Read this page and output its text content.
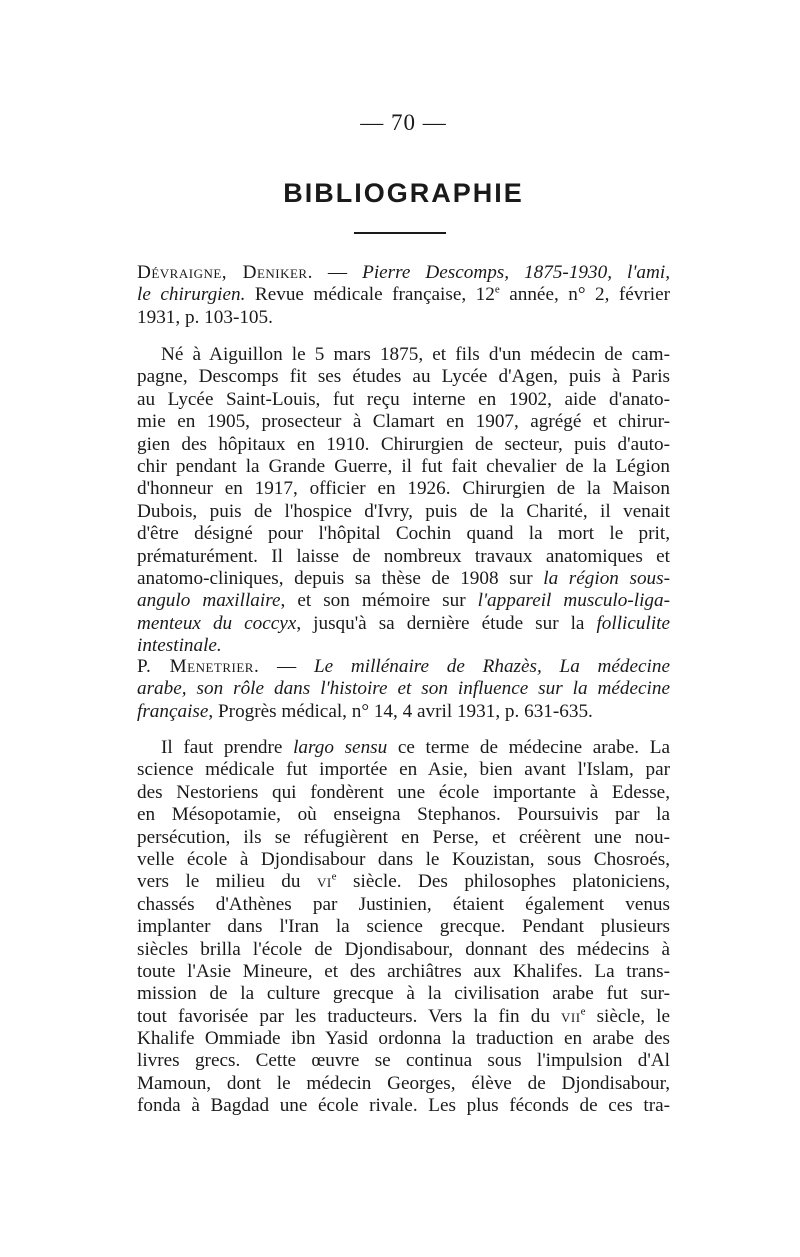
— 70 —
BIBLIOGRAPHIE
Dévraigne, Deniker. — Pierre Descomps, 1875-1930, l'ami,
le chirurgien. Revue médicale française, 12e année, n° 2, février
1931, p. 103-105.
Né à Aiguillon le 5 mars 1875, et fils d'un médecin de cam-
pagne, Descomps fit ses études au Lycée d'Agen, puis à Paris
au Lycée Saint-Louis, fut reçu interne en 1902, aide d'anato-
mie en 1905, prosecteur à Clamart en 1907, agrégé et chirur-
gien des hôpitaux en 1910. Chirurgien de secteur, puis d'auto-
chir pendant la Grande Guerre, il fut fait chevalier de la Légion
d'honneur en 1917, officier en 1926. Chirurgien de la Maison
Dubois, puis de l'hospice d'Ivry, puis de la Charité, il venait
d'être désigné pour l'hôpital Cochin quand la mort le prit,
prématurément. Il laisse de nombreux travaux anatomiques et
anatomo-cliniques, depuis sa thèse de 1908 sur la région sous-
angulo maxillaire, et son mémoire sur l'appareil musculo-liga-
menteux du coccyx, jusqu'à sa dernière étude sur la folliculite
intestinale.
P. Menetrier. — Le millénaire de Rhazès, La médecine
arabe, son rôle dans l'histoire et son influence sur la médecine
française, Progrès médical, n° 14, 4 avril 1931, p. 631-635.
Il faut prendre largo sensu ce terme de médecine arabe. La
science médicale fut importée en Asie, bien avant l'Islam, par
des Nestoriens qui fondèrent une école importante à Edesse,
en Mésopotamie, où enseigna Stephanos. Poursuivis par la
persécution, ils se réfugièrent en Perse, et créèrent une nou-
velle école à Djondisabour dans le Kouzistan, sous Chosroés,
vers le milieu du $vi^e$ siècle. Des philosophes platoniciens,
chassés d'Athènes par Justinien, étaient également venus
implanter dans l'Iran la science grecque. Pendant plusieurs
siècles brilla l'école de Djondisabour, donnant des médecins à
toute l'Asie Mineure, et des archiâtres aux Khalifes. La trans-
mission de la culture grecque à la civilisation arabe fut sur-
tout favorisée par les traducteurs. Vers la fin du vii$^e$ siècle, le
Khalife Ommiade ibn Yasid ordonna la traduction en arabe des
livres grecs. Cette œuvre se continua sous l'impulsion d'Al
Mamoun, dont le médecin Georges, élève de Djondisabour,
fonda à Bagdad une école rivale. Les plus féconds de ces tra-
